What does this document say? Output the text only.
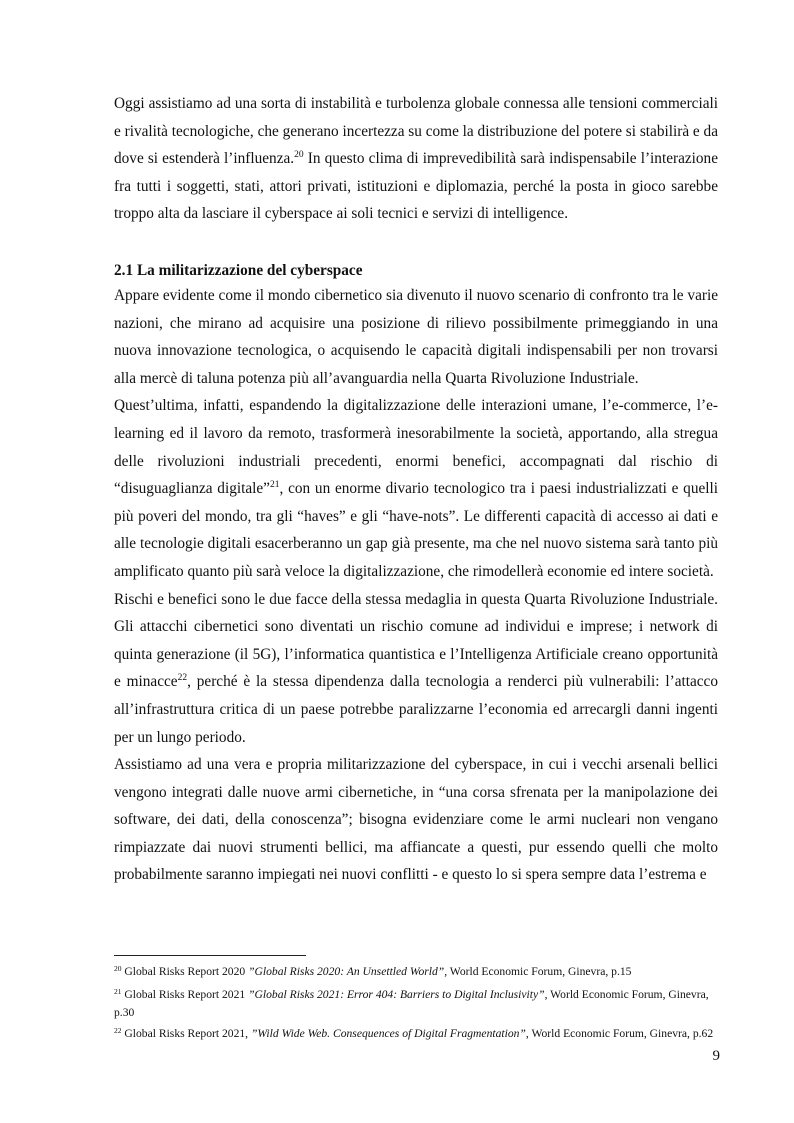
Oggi assistiamo ad una sorta di instabilità e turbolenza globale connessa alle tensioni commerciali e rivalità tecnologiche, che generano incertezza su come la distribuzione del potere si stabilirà e da dove si estenderà l’influenza.$^{20}$ In questo clima di imprevedibilità sarà indispensabile l’interazione fra tutti i soggetti, stati, attori privati, istituzioni e diplomazia, perché la posta in gioco sarebbe troppo alta da lasciare il cyberspace ai soli tecnici e servizi di intelligence.

2.1 La militarizzazione del cyberspace

Appare evidente come il mondo cibernetico sia divenuto il nuovo scenario di confronto tra le varie nazioni, che mirano ad acquisire una posizione di rilievo possibilmente primeggiando in una nuova innovazione tecnologica, o acquisendo le capacità digitali indispensabili per non trovarsi alla mercè di taluna potenza più all’avanguardia nella Quarta Rivoluzione Industriale.

Quest’ultima, infatti, espandendo la digitalizzazione delle interazioni umane, l’e-commerce, l’e-learning ed il lavoro da remoto, trasformerà inesorabilmente la società, apportando, alla stregua delle rivoluzioni industriali precedenti, enormi benefici, accompagnati dal rischio di “disuguaglianza digitale”$^{21}$, con un enorme divario tecnologico tra i paesi industrializzati e quelli più poveri del mondo, tra gli “haves” e gli “have-nots”. Le differenti capacità di accesso ai dati e alle tecnologie digitali esacerberanno un gap già presente, ma che nel nuovo sistema sarà tanto più amplificato quanto più sarà veloce la digitalizzazione, che rimodellerà economie ed intere società.

Rischi e benefici sono le due facce della stessa medaglia in questa Quarta Rivoluzione Industriale. Gli attacchi cibernetici sono diventati un rischio comune ad individui e imprese; i network di quinta generazione (il 5G), l’informatica quantistica e l’Intelligenza Artificiale creano opportunità e minacce$^{22}$, perché è la stessa dipendenza dalla tecnologia a renderci più vulnerabili: l’attacco all’infrastruttura critica di un paese potrebbe paralizzarne l’economia ed arrecargli danni ingenti per un lungo periodo.

Assistiamo ad una vera e propria militarizzazione del cyberspace, in cui i vecchi arsenali bellici vengono integrati dalle nuove armi cibernetiche, in “una corsa sfrenata per la manipolazione dei software, dei dati, della conoscenza”; bisogna evidenziare come le armi nucleari non vengano rimpiazzate dai nuovi strumenti bellici, ma affiancate a questi, pur essendo quelli che molto probabilmente saranno impiegati nei nuovi conflitti - e questo lo si spera sempre data l’estrema e

$^{20}$ Global Risks Report 2020 ”Global Risks 2020: An Unsettled World”, World Economic Forum, Ginevra, p.15
$^{21}$ Global Risks Report 2021 ”Global Risks 2021: Error 404: Barriers to Digital Inclusivity”, World Economic Forum, Ginevra, p.30
$^{22}$ Global Risks Report 2021, ”Wild Wide Web. Consequences of Digital Fragmentation”, World Economic Forum, Ginevra, p.62
9
